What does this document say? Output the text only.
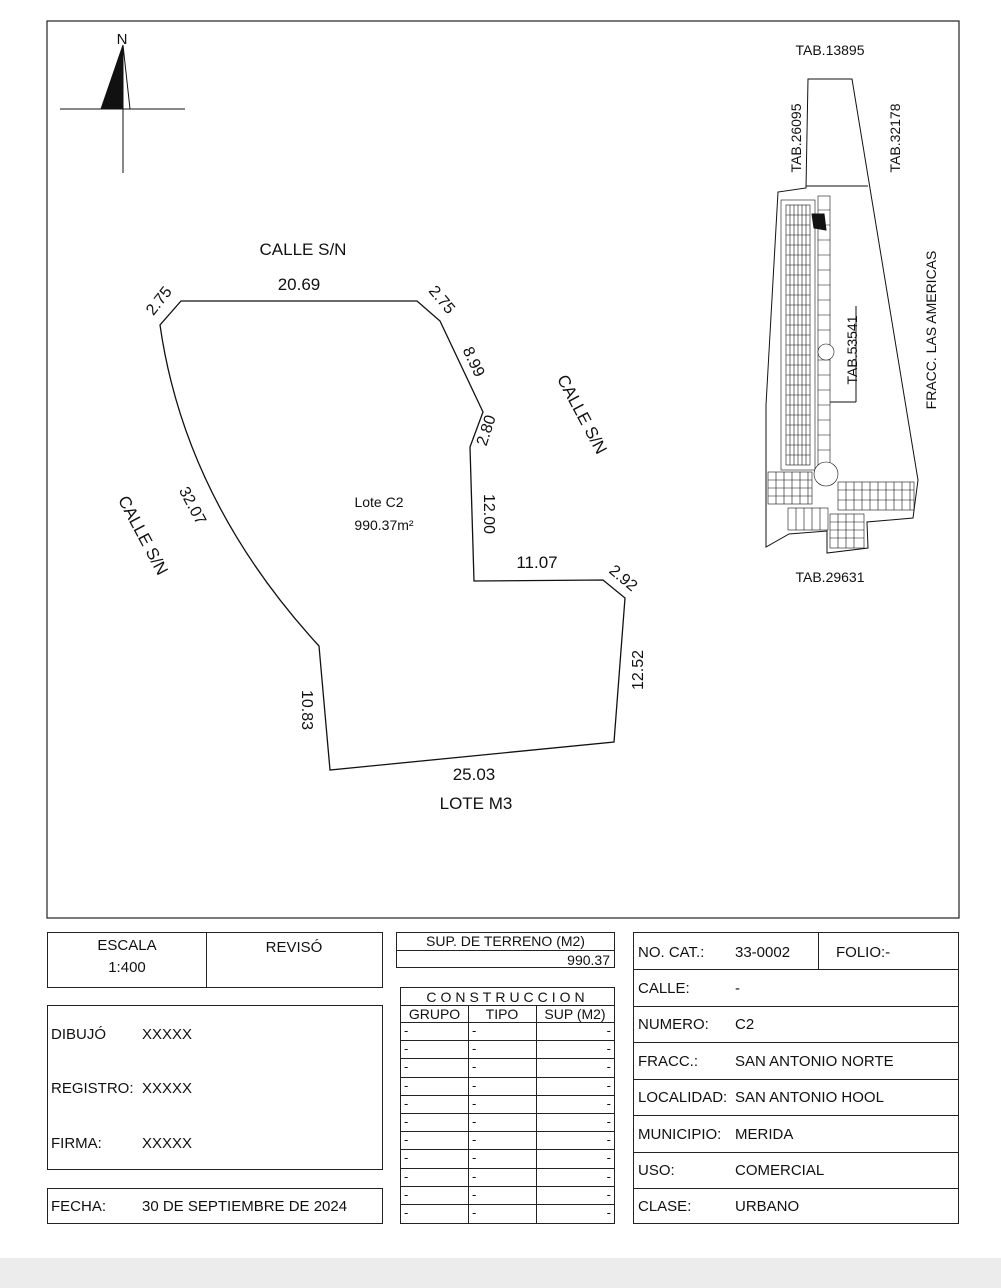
N
CALLE S/N
CALLE S/N
CALLE S/N
LOTE M3
Lote C2
990.37m²
20.69
2.75	2.75
8.99
2.80
12.00
11.07	2.92
12.52
25.03
10.83
32.07
TAB.13895
TAB.26095	TAB.32178
TAB.53541
TAB.29631
FRACC. LAS AMERICAS
ESCALA
1:400
REVISÓ
DIBUJÓ XXXXX
REGISTRO: XXXXX
FIRMA:	XXXXX
FECHA: 30 DE SEPTIEMBRE DE 2024
SUP. DE TERRENO (M2)
990.37
CONSTRUCCION
GRUPO	TIPO	SUP (M2)
-	-	-
-	-	-
-	-	-
-	-	-
-	-	-
-	-	-
-	-	-
-	-	-
-	-	-
-	-	-
-	-	-
NO. CAT.: 33-0002	FOLIO:-
CALLE:	-
NUMERO: C2
FRACC.: SAN ANTONIO NORTE
LOCALIDAD: SAN ANTONIO HOOL
MUNICIPIO: MERIDA
USO:	COMERCIAL
CLASE:	URBANO
